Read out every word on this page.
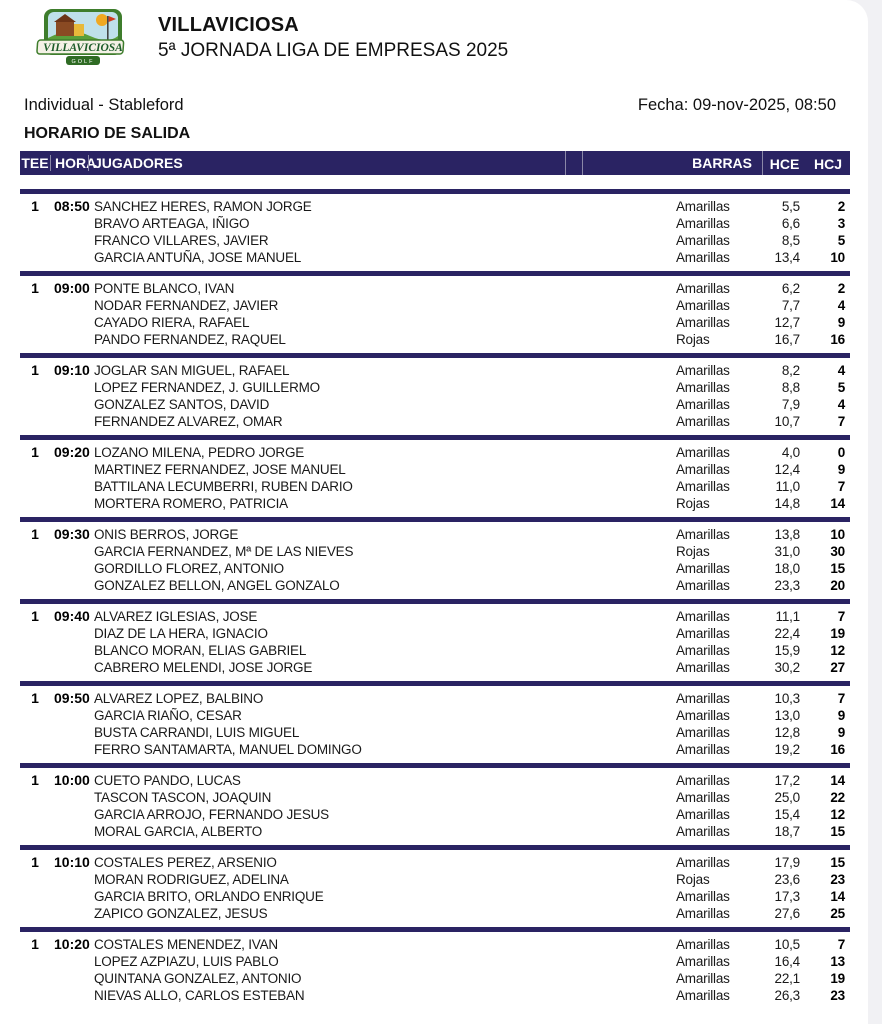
VILLAVICIOSA
GOLF
VILLAVICIOSA
5ª JORNADA LIGA DE EMPRESAS 2025
Individual - Stableford	Fecha: 09-nov-2025, 08:50
HORARIO DE SALIDA
TEE HORA
JUGADORES	BARRAS	HCE	HCJ
1	08:50 SANCHEZ HERES, RAMON JORGE	Amarillas	5,5	2
BRAVO ARTEAGA, IÑIGO	Amarillas	6,6	3
FRANCO VILLARES, JAVIER	Amarillas	8,5	5
GARCIA ANTUÑA, JOSE MANUEL	Amarillas	13,4	10
1	09:00 PONTE BLANCO, IVAN	Amarillas	6,2	2
NODAR FERNANDEZ, JAVIER	Amarillas	7,7	4
CAYADO RIERA, RAFAEL	Amarillas	12,7	9
PANDO FERNANDEZ, RAQUEL	Rojas	16,7	16
1	09:10 JOGLAR SAN MIGUEL, RAFAEL	Amarillas	8,2	4
LOPEZ FERNANDEZ, J. GUILLERMO	Amarillas	8,8	5
GONZALEZ SANTOS, DAVID	Amarillas	7,9	4
FERNANDEZ ALVAREZ, OMAR	Amarillas	10,7	7
1	09:20 LOZANO MILENA, PEDRO JORGE	Amarillas	4,0	0
MARTINEZ FERNANDEZ, JOSE MANUEL	Amarillas	12,4	9
BATTILANA LECUMBERRI, RUBEN DARIO	Amarillas	11,0	7
MORTERA ROMERO, PATRICIA	Rojas	14,8	14
1	09:30 ONIS BERROS, JORGE	Amarillas	13,8	10
GARCIA FERNANDEZ, Mª DE LAS NIEVES	Rojas	31,0	30
GORDILLO FLOREZ, ANTONIO	Amarillas	18,0	15
GONZALEZ BELLON, ANGEL GONZALO	Amarillas	23,3	20
1	09:40 ALVAREZ IGLESIAS, JOSE	Amarillas	11,1	7
DIAZ DE LA HERA, IGNACIO	Amarillas	22,4	19
BLANCO MORAN, ELIAS GABRIEL	Amarillas	15,9	12
CABRERO MELENDI, JOSE JORGE	Amarillas	30,2	27
1	09:50 ALVAREZ LOPEZ, BALBINO	Amarillas	10,3	7
GARCIA RIAÑO, CESAR	Amarillas	13,0	9
BUSTA CARRANDI, LUIS MIGUEL	Amarillas	12,8	9
FERRO SANTAMARTA, MANUEL DOMINGO	Amarillas	19,2	16
1	10:00 CUETO PANDO, LUCAS	Amarillas	17,2	14
TASCON TASCON, JOAQUIN	Amarillas	25,0	22
GARCIA ARROJO, FERNANDO JESUS	Amarillas	15,4	12
MORAL GARCIA, ALBERTO	Amarillas	18,7	15
1	10:10 COSTALES PEREZ, ARSENIO	Amarillas	17,9	15
MORAN RODRIGUEZ, ADELINA	Rojas	23,6	23
GARCIA BRITO, ORLANDO ENRIQUE	Amarillas	17,3	14
ZAPICO GONZALEZ, JESUS	Amarillas	27,6	25
1	10:20 COSTALES MENENDEZ, IVAN	Amarillas	10,5	7
LOPEZ AZPIAZU, LUIS PABLO	Amarillas	16,4	13
QUINTANA GONZALEZ, ANTONIO	Amarillas	22,1	19
NIEVAS ALLO, CARLOS ESTEBAN	Amarillas	26,3	23
